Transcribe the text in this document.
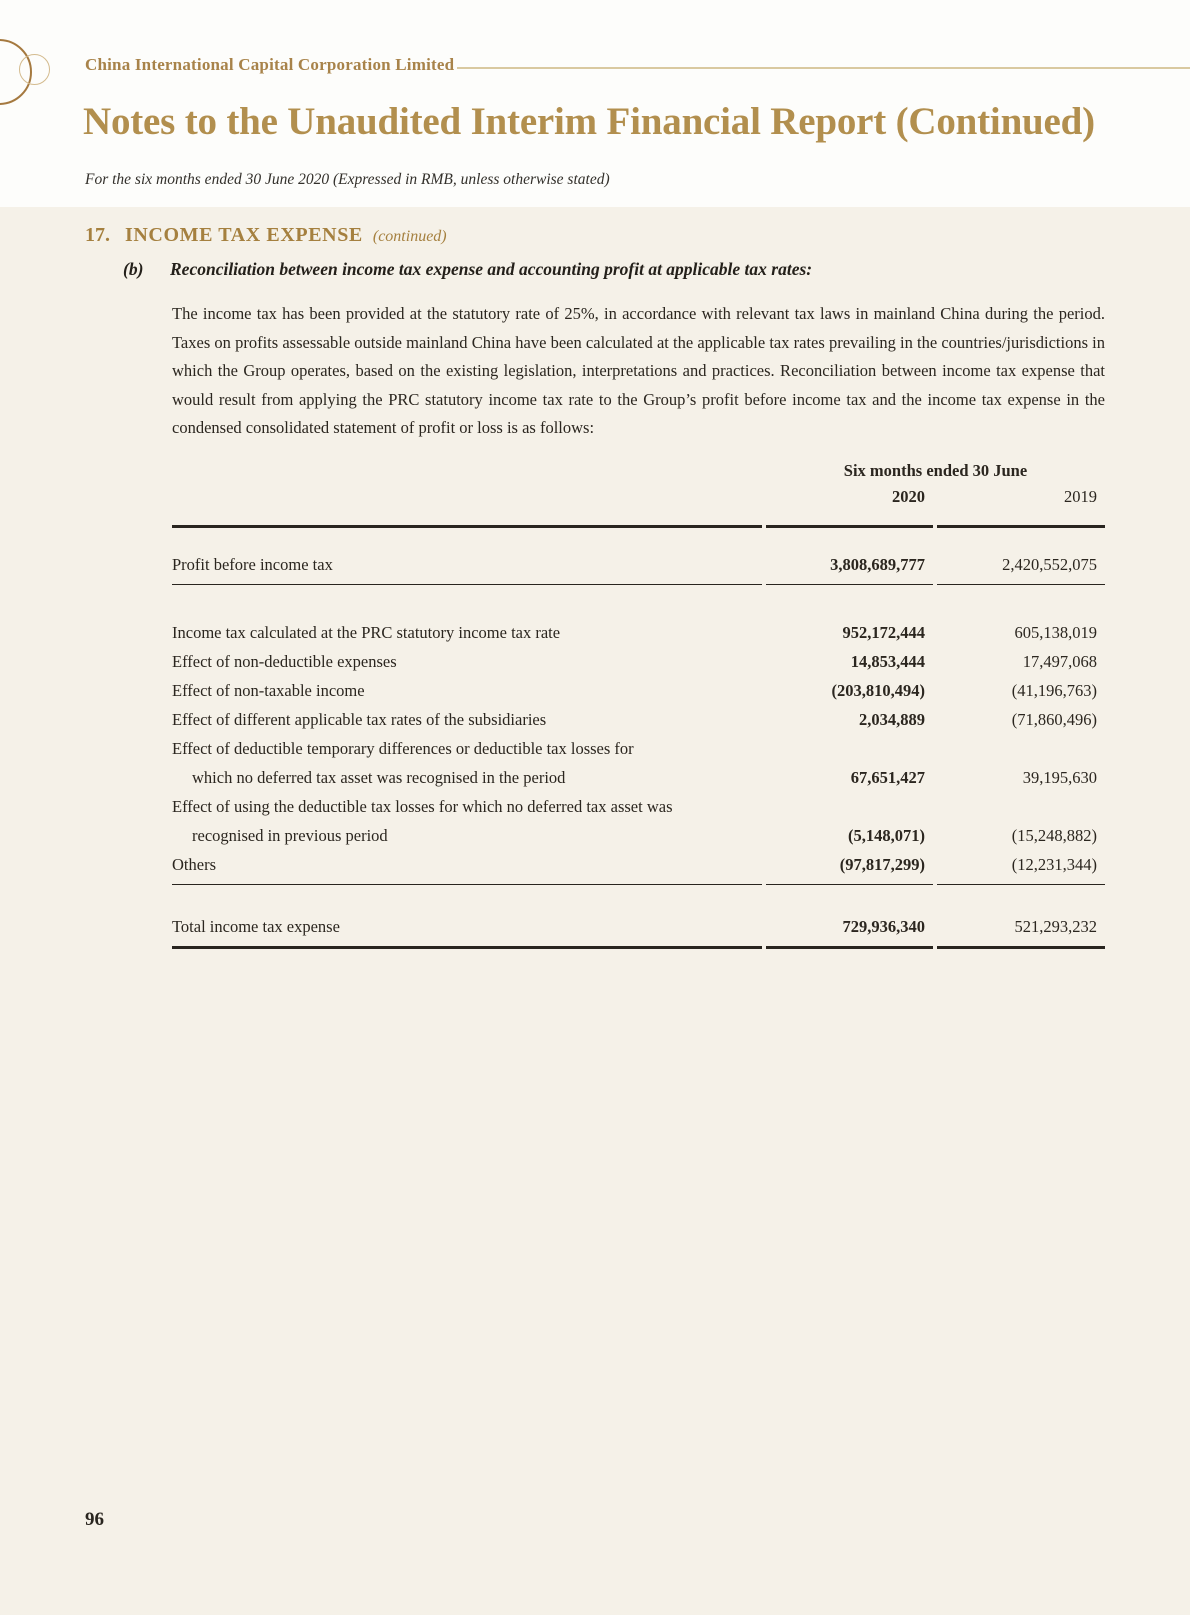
China International Capital Corporation Limited
Notes to the Unaudited Interim Financial Report (Continued)
For the six months ended 30 June 2020 (Expressed in RMB, unless otherwise stated)
17. INCOME TAX EXPENSE (continued)
(b) Reconciliation between income tax expense and accounting profit at applicable tax rates:
The income tax has been provided at the statutory rate of 25%, in accordance with relevant tax laws in mainland China during the period. Taxes on profits assessable outside mainland China have been calculated at the applicable tax rates prevailing in the countries/jurisdictions in which the Group operates, based on the existing legislation, interpretations and practices. Reconciliation between income tax expense that would result from applying the PRC statutory income tax rate to the Group’s profit before income tax and the income tax expense in the condensed consolidated statement of profit or loss is as follows:
Six months ended 30 June
2020	2019
Profit before income tax	3,808,689,777	2,420,552,075
Income tax calculated at the PRC statutory income tax rate	952,172,444	605,138,019
Effect of non-deductible expenses	14,853,444	17,497,068
Effect of non-taxable income	(203,810,494)	(41,196,763)
Effect of different applicable tax rates of the subsidiaries	2,034,889	(71,860,496)
Effect of deductible temporary differences or deductible tax losses for
which no deferred tax asset was recognised in the period	67,651,427	39,195,630
Effect of using the deductible tax losses for which no deferred tax asset was
recognised in previous period	(5,148,071)	(15,248,882)
Others	(97,817,299)	(12,231,344)
Total income tax expense	729,936,340	521,293,232
96
